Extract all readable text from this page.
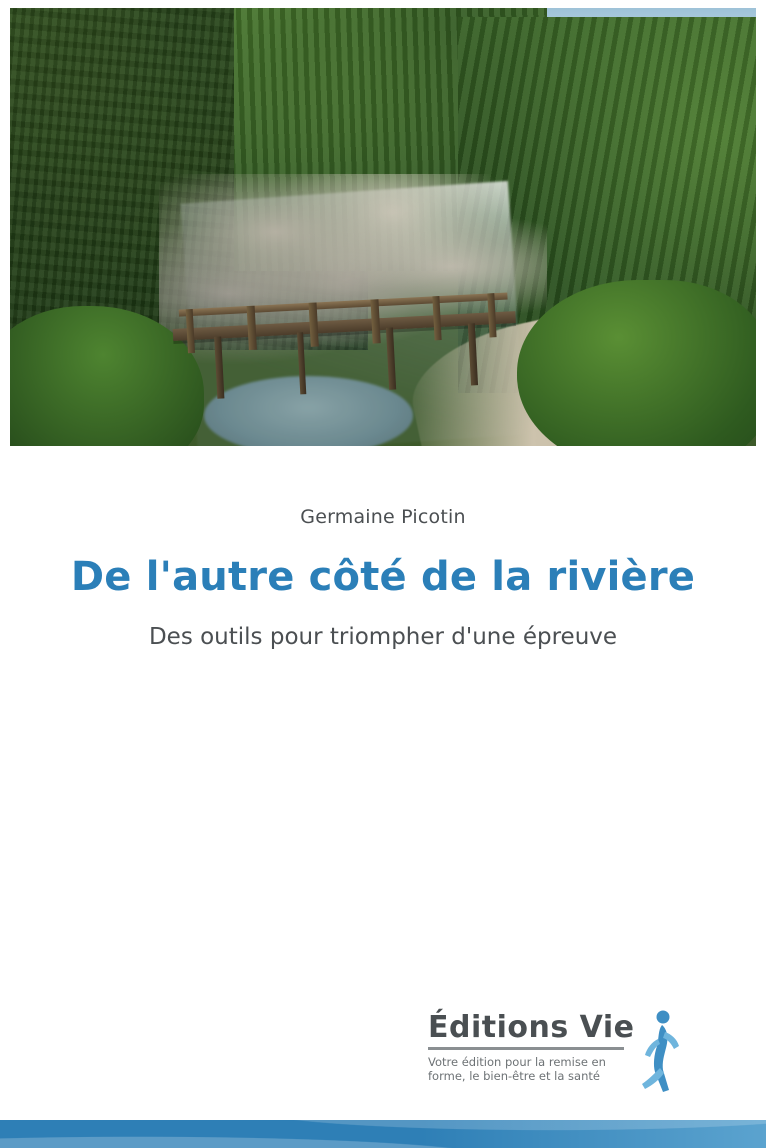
Germaine Picotin
De l'autre côté de la rivière
Des outils pour triompher d'une épreuve
Éditions Vie
Votre édition pour la remise en
forme, le bien-être et la santé
